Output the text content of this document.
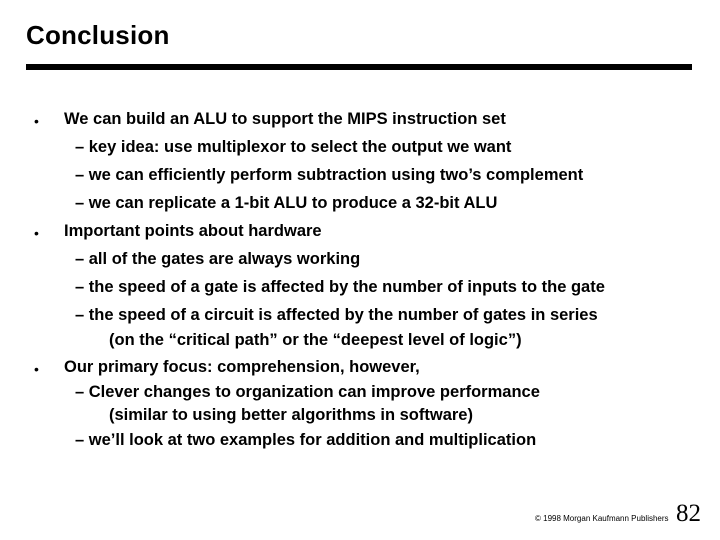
Conclusion
• We can build an ALU to support the MIPS instruction set
– key idea: use multiplexor to select the output we want
– we can efficiently perform subtraction using two’s complement
– we can replicate a 1-bit ALU to produce a 32-bit ALU
• Important points about hardware
– all of the gates are always working
– the speed of a gate is affected by the number of inputs to the gate
– the speed of a circuit is affected by the number of gates in series
(on the “critical path” or the “deepest level of logic”)
• Our primary focus: comprehension, however,
– Clever changes to organization can improve performance
(similar to using better algorithms in software)
– we’ll look at two examples for addition and multiplication
© 1998 Morgan Kaufmann Publishers 82
